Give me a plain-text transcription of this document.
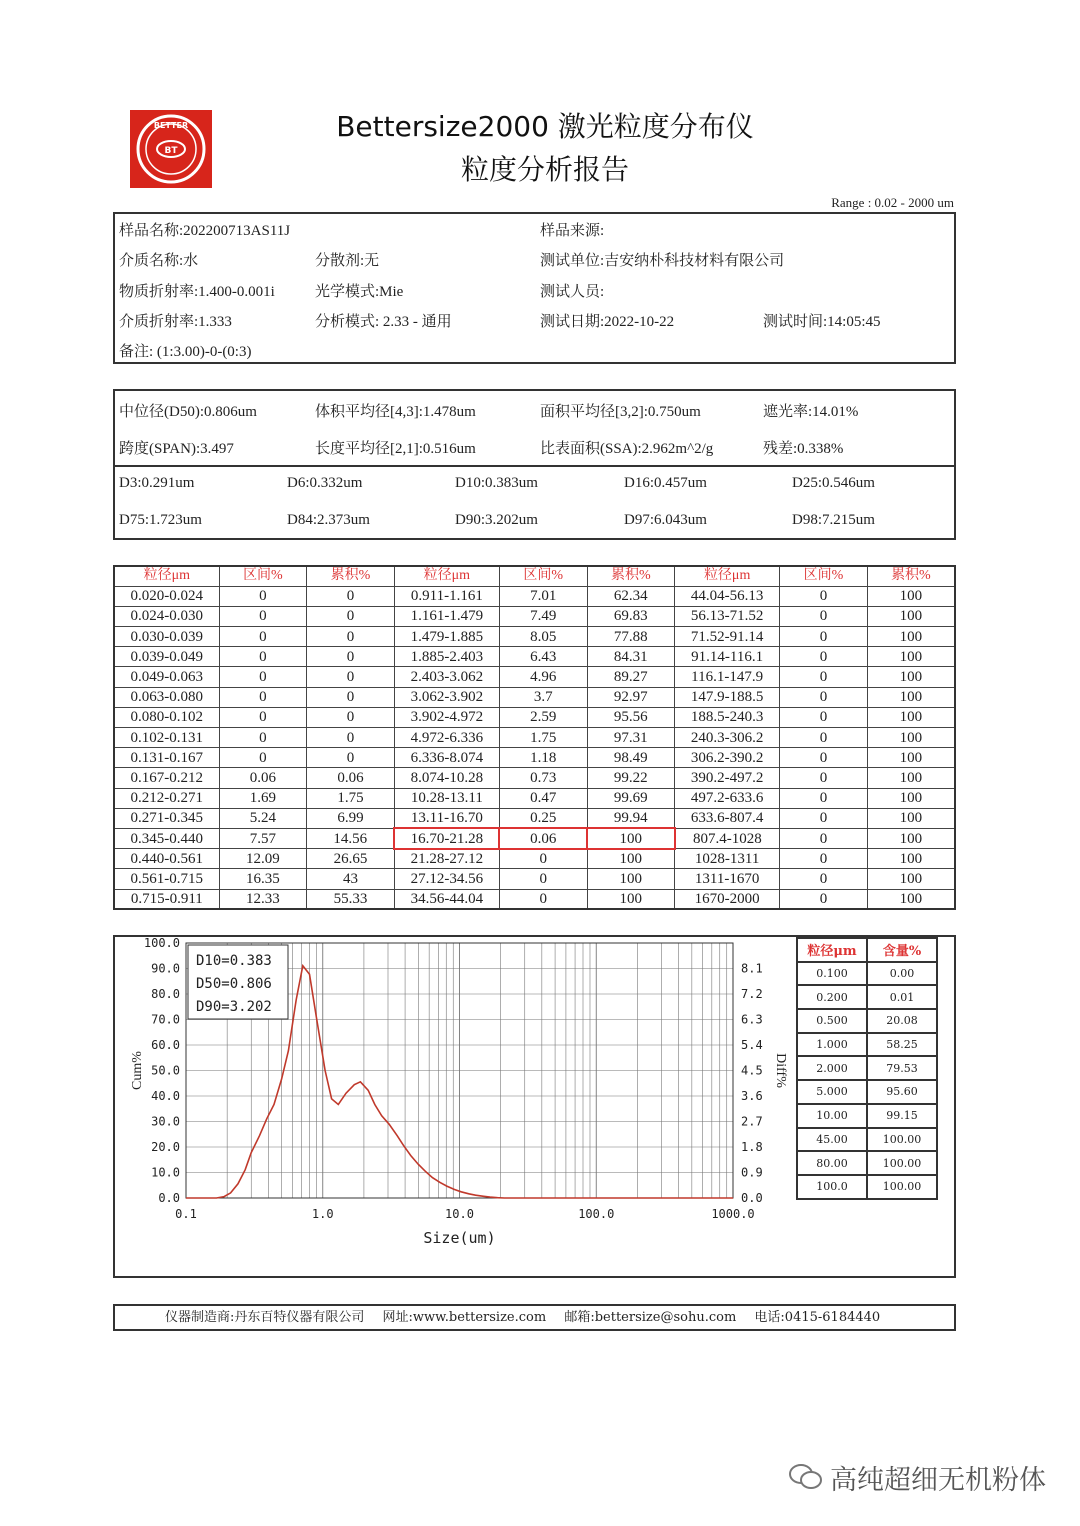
BT
BETTER	Bettersize2000 激光粒度分布仪
粒度分析报告
Range : 0.02 - 2000 um
样品名称:202200713AS11J	样品来源:
介质名称:水	分散剂:无	测试单位:吉安纳朴科技材料有限公司
物质折射率:1.400-0.001i	光学模式:Mie	测试人员:
介质折射率:1.333	分析模式: 2.33 - 通用	测试日期:2022-10-22	测试时间:14:05:45
备注: (1:3.00)-0-(0:3)
中位径(D50):0.806um	体积平均径[4,3]:1.478um	面积平均径[3,2]:0.750um	遮光率:14.01%
跨度(SPAN):3.497	长度平均径[2,1]:0.516um	比表面积(SSA):2.962m^2/g	残差:0.338%
D3:0.291um	D6:0.332um	D10:0.383um	D16:0.457um	D25:0.546um
D75:1.723um	D84:2.373um	D90:3.202um	D97:6.043um	D98:7.215um
粒径μm	区间%	累积%	粒径μm	区间%	累积%	粒径μm	区间%	累积%
0.020-0.024	0	0	0.911-1.161	7.01	62.34	44.04-56.13	0	100
0.024-0.030	0	0	1.161-1.479	7.49	69.83	56.13-71.52	0	100
0.030-0.039	0	0	1.479-1.885	8.05	77.88	71.52-91.14	0	100
0.039-0.049	0	0	1.885-2.403	6.43	84.31	91.14-116.1	0	100
0.049-0.063	0	0	2.403-3.062	4.96	89.27	116.1-147.9	0	100
0.063-0.080	0	0	3.062-3.902	3.7	92.97	147.9-188.5	0	100
0.080-0.102	0	0	3.902-4.972	2.59	95.56	188.5-240.3	0	100
0.102-0.131	0	0	4.972-6.336	1.75	97.31	240.3-306.2	0	100
0.131-0.167	0	0	6.336-8.074	1.18	98.49	306.2-390.2	0	100
0.167-0.212	0.06	0.06	8.074-10.28	0.73	99.22	390.2-497.2	0	100
0.212-0.271	1.69	1.75	10.28-13.11	0.47	99.69	497.2-633.6	0	100
0.271-0.345	5.24	6.99	13.11-16.70	0.25	99.94	633.6-807.4	0	100
0.345-0.440	7.57	14.56	16.70-21.28	0.06	100	807.4-1028	0	100
0.440-0.561	12.09	26.65	21.28-27.12	0	100	1028-1311	0	100
0.561-0.715	16.35	43	27.12-34.56	0	100	1311-1670	0	100
0.715-0.911	12.33	55.33	34.56-44.04	0	100	1670-2000	0	100
0.0
10.0
20.0
30.0
40.0
50.0
60.0
70.0
80.0
90.0
100.0
0.0
0.9
1.8
2.7
3.6
4.5
5.4
6.3
7.2
8.1
0.1	1.0	10.0	100.0	1000.0
Size(um)
Cum%	Diff%
D10=0.383
D50=0.806
D90=3.202
粒径μm	含量%
0.100	0.00
0.200	0.01
0.500	20.08
1.000	58.25
2.000	79.53
5.000	95.60
10.00	99.15
45.00	100.00
80.00	100.00
100.0	100.00
仪器制造商:丹东百特仪器有限公司 网址:www.bettersize.com 邮箱:bettersize@sohu.com 电话:0415-6184440
高纯超细无机粉体
